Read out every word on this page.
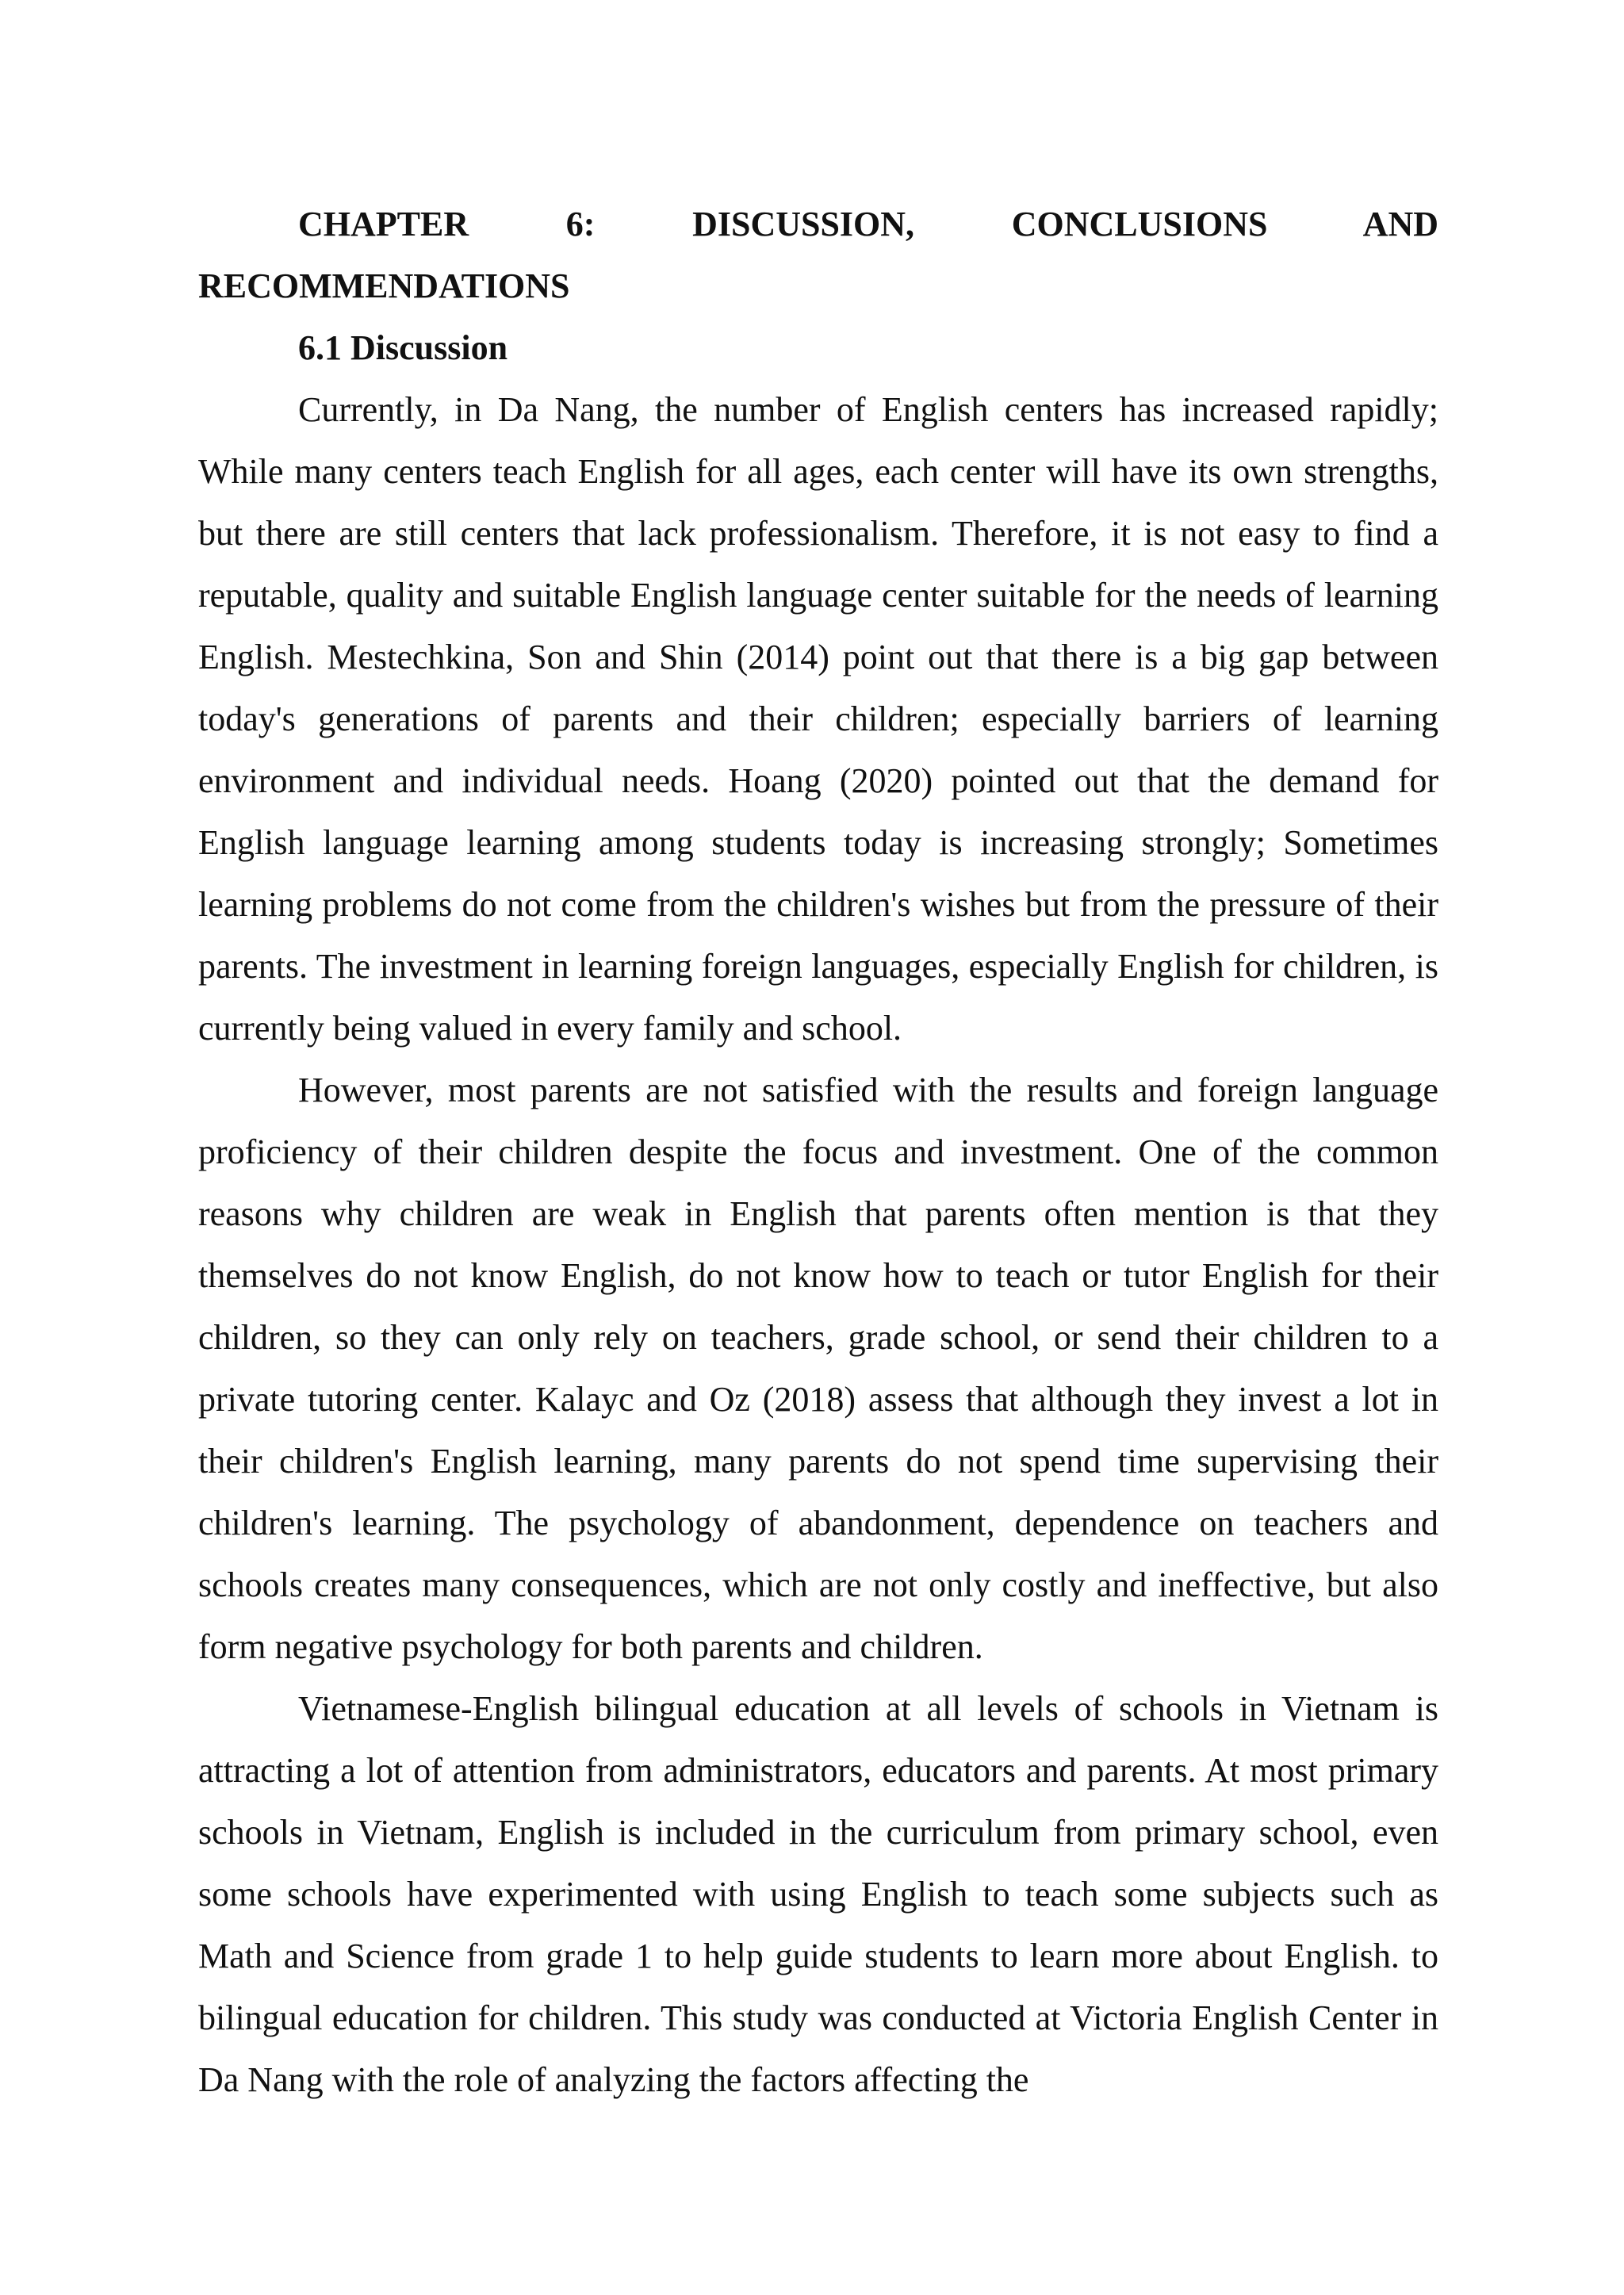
CHAPTER 6: DISCUSSION, CONCLUSIONS AND RECOMMENDATIONS

6.1 Discussion

Currently, in Da Nang, the number of English centers has increased rapidly; While many centers teach English for all ages, each center will have its own strengths, but there are still centers that lack professionalism. Therefore, it is not easy to find a reputable, quality and suitable English language center suitable for the needs of learning English. Mestechkina, Son and Shin (2014) point out that there is a big gap between today's generations of parents and their children; especially barriers of learning environment and individual needs. Hoang (2020) pointed out that the demand for English language learning among students today is increasing strongly; Sometimes learning problems do not come from the children's wishes but from the pressure of their parents. The investment in learning foreign languages, especially English for children, is currently being valued in every family and school.

However, most parents are not satisfied with the results and foreign language proficiency of their children despite the focus and investment. One of the common reasons why children are weak in English that parents often mention is that they themselves do not know English, do not know how to teach or tutor English for their children, so they can only rely on teachers, grade school, or send their children to a private tutoring center. Kalayc and Oz (2018) assess that although they invest a lot in their children's English learning, many parents do not spend time supervising their children's learning. The psychology of abandonment, dependence on teachers and schools creates many consequences, which are not only costly and ineffective, but also form negative psychology for both parents and children.

Vietnamese-English bilingual education at all levels of schools in Vietnam is attracting a lot of attention from administrators, educators and parents. At most primary schools in Vietnam, English is included in the curriculum from primary school, even some schools have experimented with using English to teach some subjects such as Math and Science from grade 1 to help guide students to learn more about English. to bilingual education for children. This study was conducted at Victoria English Center in Da Nang with the role of analyzing the factors affecting the
